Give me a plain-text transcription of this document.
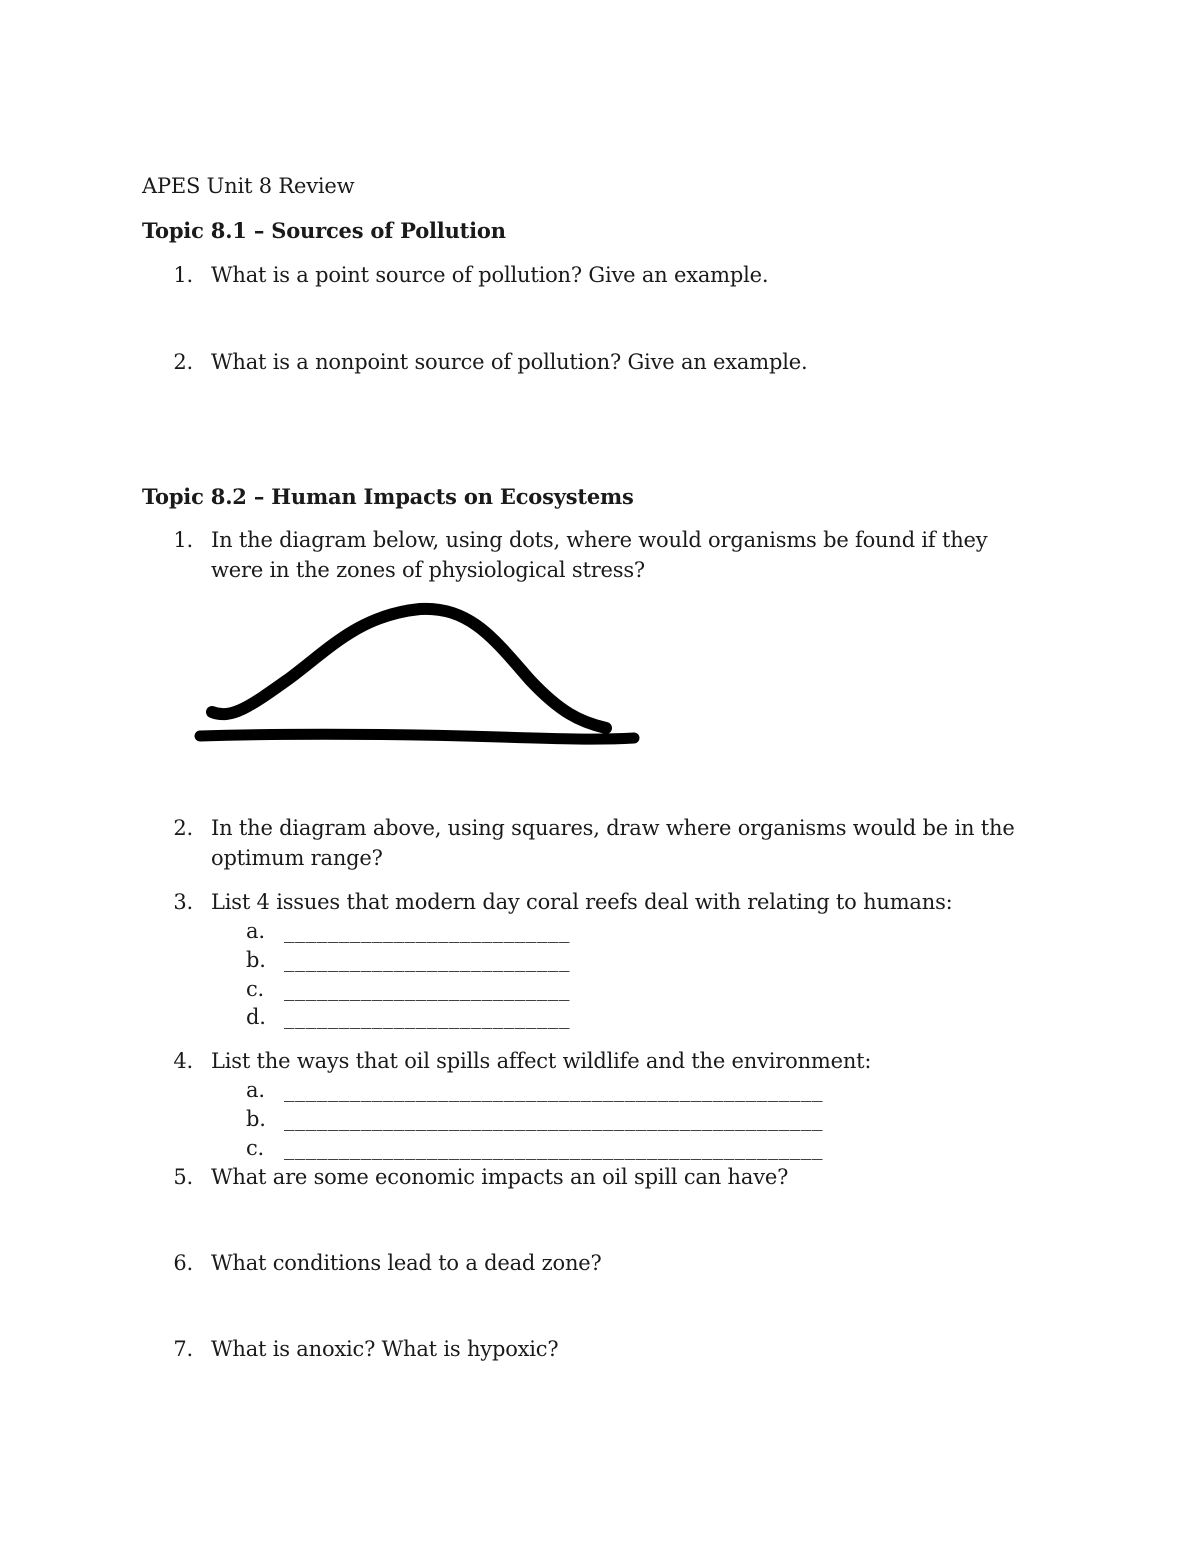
APES Unit 8 Review
Topic 8.1 – Sources of Pollution
1. What is a point source of pollution? Give an example.
2. What is a nonpoint source of pollution? Give an example.
Topic 8.2 – Human Impacts on Ecosystems
1. In the diagram below, using dots, where would organisms be found if they
were in the zones of physiological stress?
2. In the diagram above, using squares, draw where organisms would be in the
optimum range?
3. List 4 issues that modern day coral reefs deal with relating to humans:
a. __________________________
b. __________________________
c. __________________________
d. __________________________
4. List the ways that oil spills affect wildlife and the environment:
a. _________________________________________________
b. _________________________________________________
c. _________________________________________________
5. What are some economic impacts an oil spill can have?
6. What conditions lead to a dead zone?
7. What is anoxic? What is hypoxic?
